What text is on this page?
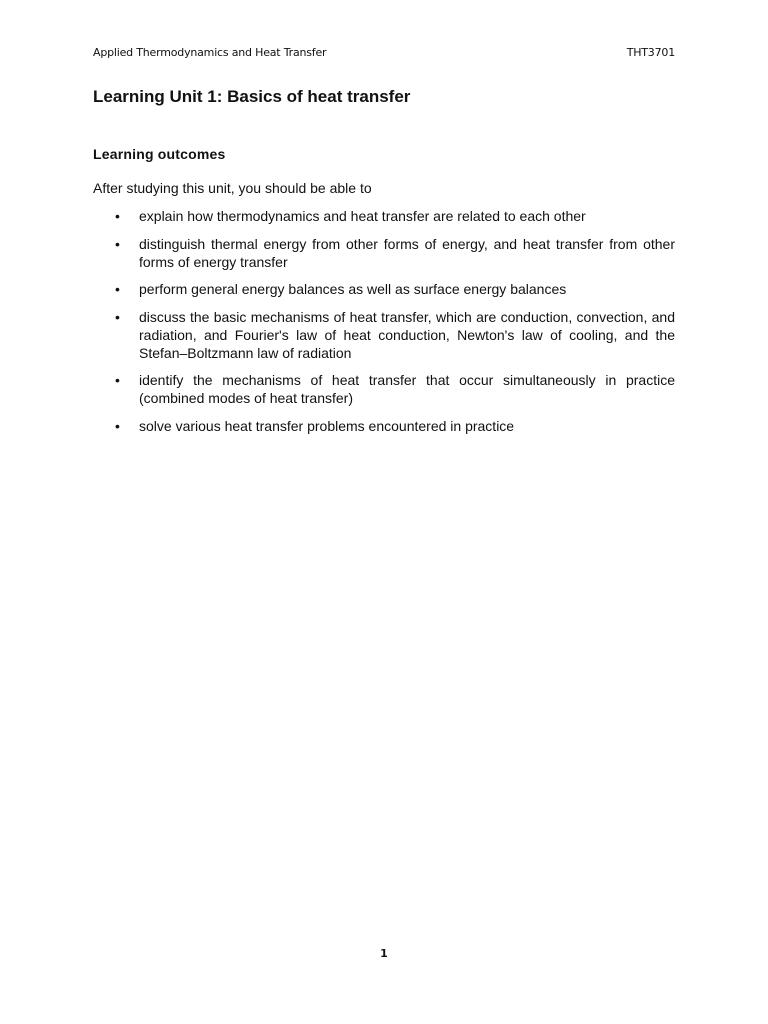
Applied Thermodynamics and Heat Transfer	THT3701
Learning Unit 1: Basics of heat transfer
Learning outcomes

After studying this unit, you should be able to

•	explain how thermodynamics and heat transfer are related to each other
•	distinguish thermal energy from other forms of energy, and heat transfer from other forms of energy transfer
•	perform general energy balances as well as surface energy balances
•	discuss the basic mechanisms of heat transfer, which are conduction, convection, and radiation, and Fourier's law of heat conduction, Newton's law of cooling, and the Stefan–Boltzmann law of radiation
•	identify the mechanisms of heat transfer that occur simultaneously in practice (combined modes of heat transfer)
•	solve various heat transfer problems encountered in practice
1
